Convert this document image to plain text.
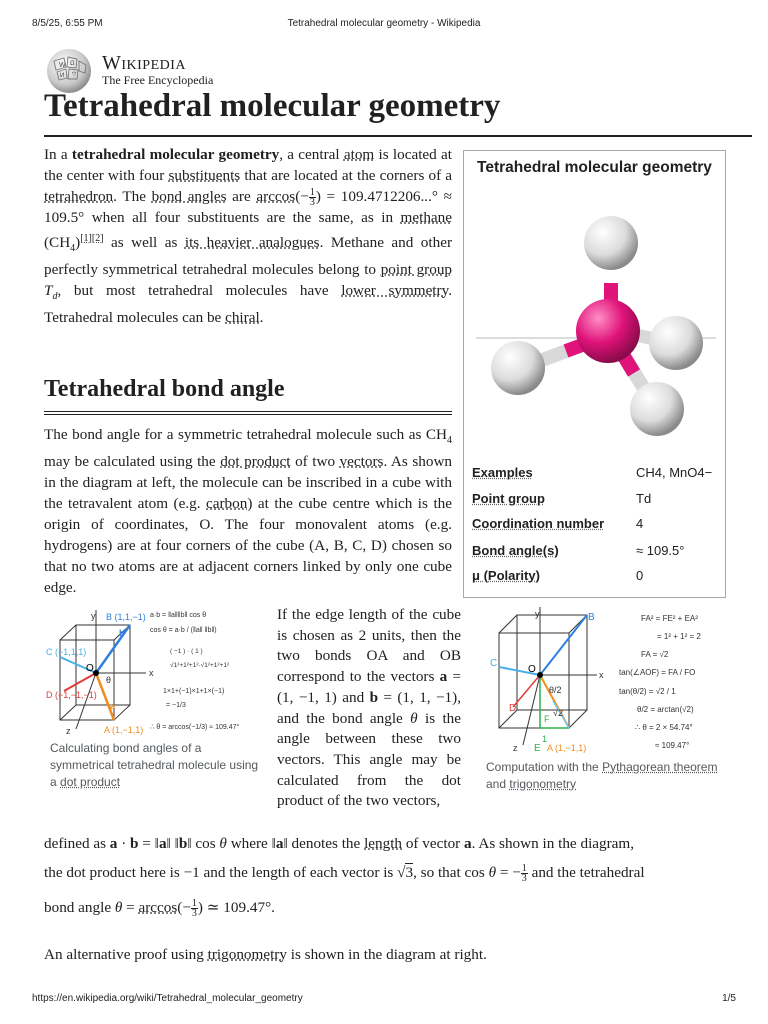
8/5/25, 6:55 PM	Tetrahedral molecular geometry - Wikipedia
W Ω
И ウ
Wikipedia
The Free Encyclopedia
Tetrahedral molecular geometry
In a tetrahedral molecular geometry, a central atom is located at the center with four substituents that are located at the corners of a tetrahedron. The bond angles are $\arccos(- \frac{1}{3}$ ) = 109.4712206...° ≈ 109.5° when all four substituents are the same, as in methane $(CH_4)[1][2]$ as well as its heavier analogues. Methane and other perfectly symmetrical tetrahedral molecules belong to point group $T_d$, but most tetrahedral molecules have lower symmetry. Tetrahedral molecules can be chiral.
Tetrahedral bond angle
The bond angle for a symmetric tetrahedral molecule such as $CH_4$ may be calculated using the dot product of two vectors. As shown in the diagram at left, the molecule can be inscribed in a cube with the tetravalent atom (e.g. carbon) at the cube centre which is the origin of coordinates, O. The four monovalent atoms (e.g. hydrogens) are at four corners of the cube (A, B, C, D) chosen so that no two atoms are at adjacent corners linked by only one cube edge.
Tetrahedral molecular geometry
Examples	CH4, MnO4−
Point group	Td
Coordination number	4
Bond angle(s)	≈ 109.5°
μ (Polarity)	0
y
x
z
B (1,1,−1)
C (−1,1,1)
D (−1,−1,−1)
A (1,−1,1)
O
b
a
θ
a·b = ‖a‖‖b‖ cos θ
cos θ = a·b / (‖a‖ ‖b‖)
( −1 ) · ( 1 )
√1²+1²+1²·√1²+1²+1²
1×1+(−1)×1+1×(−1)
= −1/3
∴ θ = arccos(−1/3) ≈ 109.47°
Calculating bond angles of a symmetrical tetrahedral molecule using a dot product
If the edge length of the cube is chosen as 2 units, then the two bonds OA and OB correspond to the vectors a = (1, −1, 1) and b = (1, 1, −1), and the bond angle θ is the angle between these two vectors. This angle may be calculated from the dot product of the two vectors,
y
x
z
B
C
D
E A (1,−1,1)
F
O
θ/2
1
√2
FA² = FE² + EA²
= 1² + 1² = 2
FA = √2
tan(∠AOF) = FA / FO
tan(θ/2) = √2 / 1
θ/2 = arctan(√2)
∴ θ = 2 × 54.74°
≈ 109.47°
Computation with the Pythagorean theorem and trigonometry
defined as a · b = ‖a‖ ‖b‖ cos θ where ‖a‖ denotes the length of vector a. As shown in the diagram,
the dot product here is −1 and the length of each vector is √3, so that cos θ = − $\frac{1}{3}$ and the tetrahedral
bond angle $\theta = \arccos(- \frac{1}{3}$ ) ≃ 109.47°.
An alternative proof using trigonometry is shown in the diagram at right.
https://en.wikipedia.org/wiki/Tetrahedral_molecular_geometry	1/5
